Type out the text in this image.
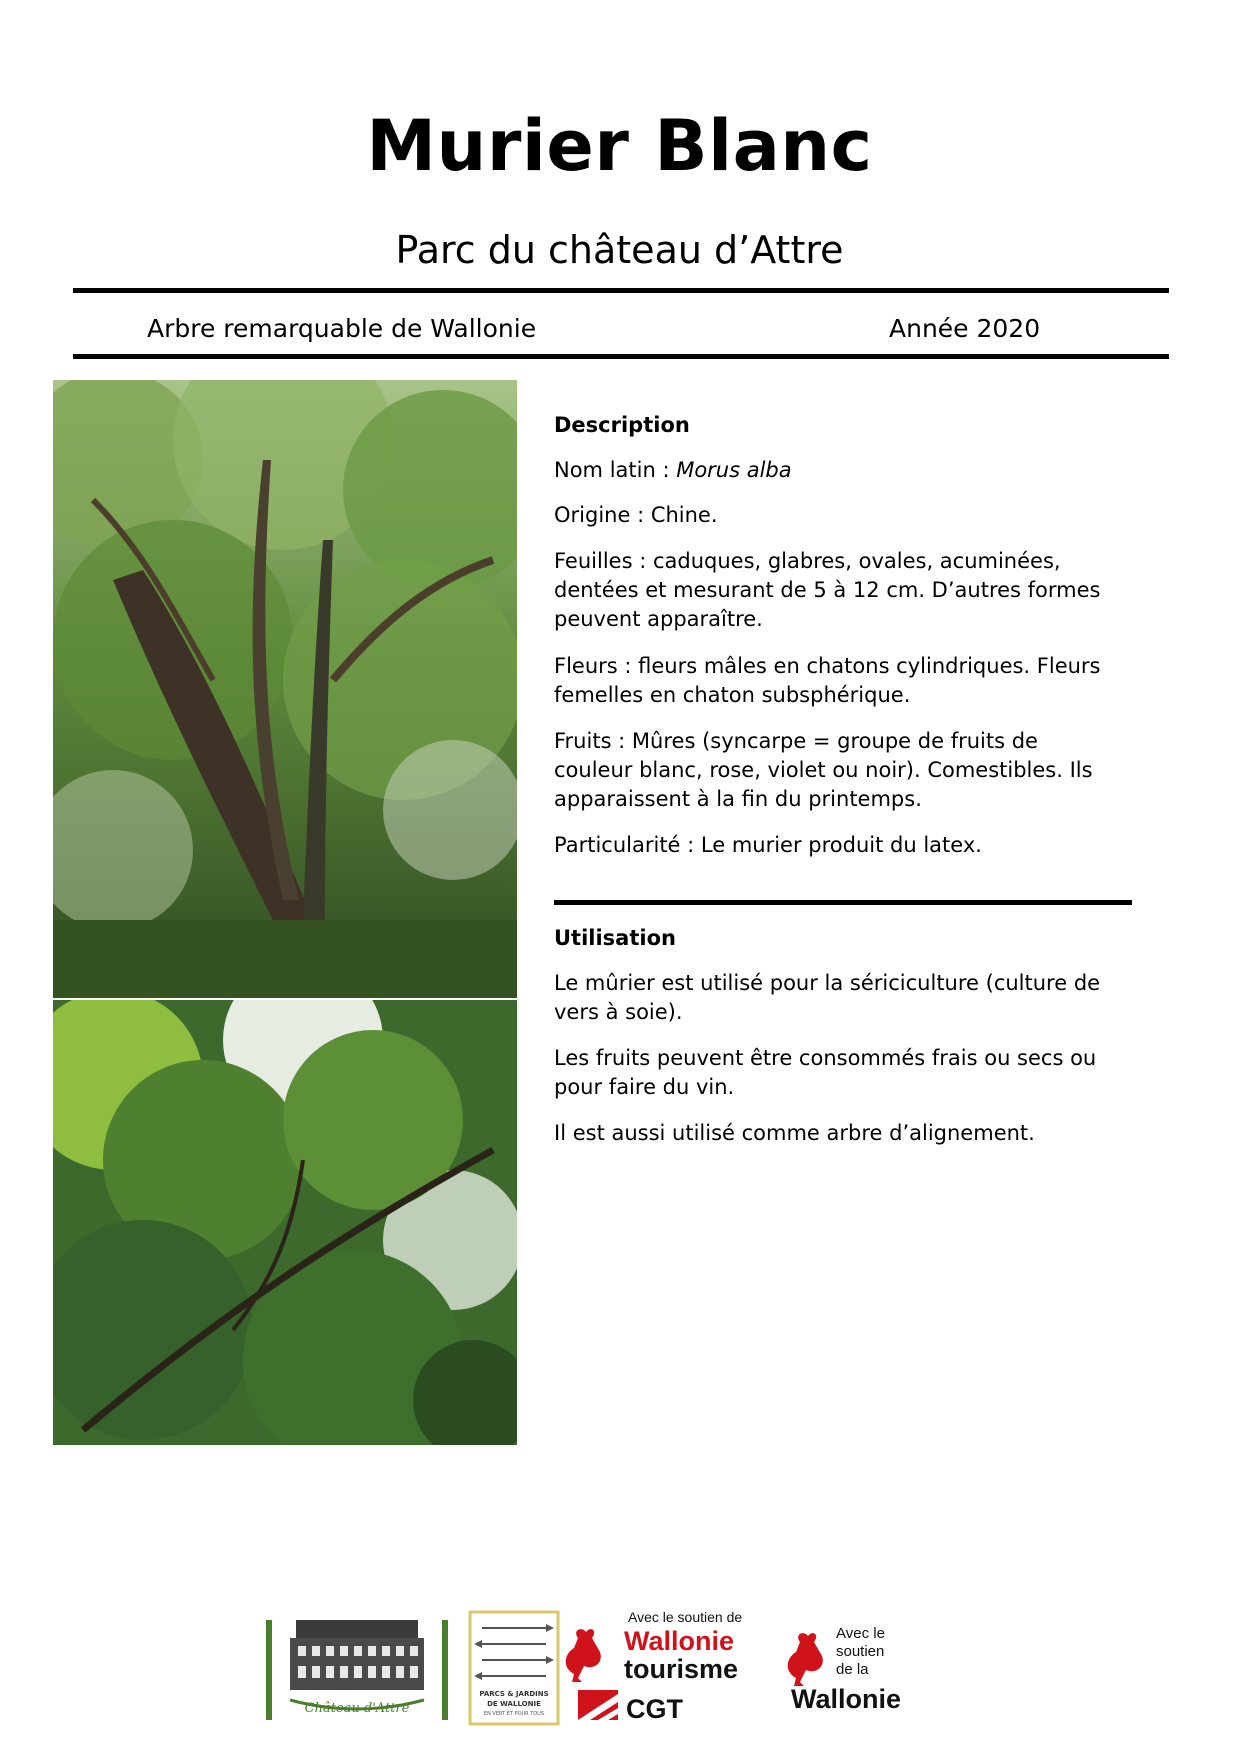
Murier Blanc
Parc du château d’Attre
Arbre remarquable de Wallonie	Année 2020
Description
Nom latin : Morus alba
Origine : Chine.
Feuilles : caduques, glabres, ovales, acuminées, dentées et mesurant de 5 à 12 cm. D’autres formes peuvent apparaître.
Fleurs : fleurs mâles en chatons cylindriques. Fleurs femelles en chaton subsphérique.
Fruits : Mûres (syncarpe = groupe de fruits de couleur blanc, rose, violet ou noir). Comestibles. Ils apparaissent à la fin du printemps.
Particularité : Le murier produit du latex.
Utilisation
Le mûrier est utilisé pour la sériciculture (culture de vers à soie).
Les fruits peuvent être consommés frais ou secs ou pour faire du vin.
Il est aussi utilisé comme arbre d’alignement.
Château d'Attre
PARCS & JARDINS
DE WALLONIE
EN VERT ET POUR TOUS
Avec le soutien de
Wallonie
tourisme
CGT
Avec le
soutien
de la
Wallonie
